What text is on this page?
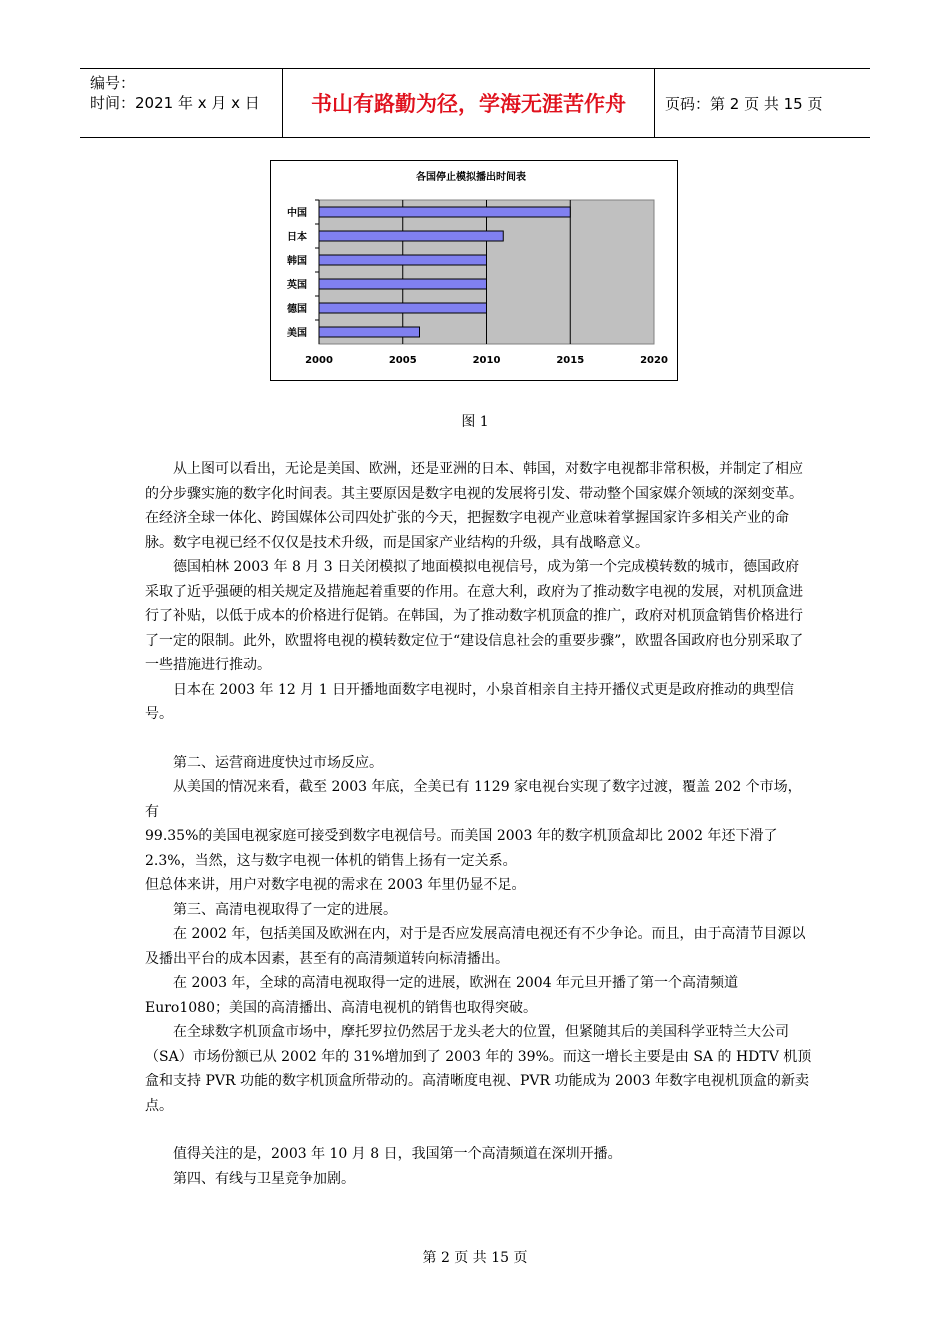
编号：
时间：2021 年 x 月 x 日	书山有路勤为径，学海无涯苦作舟	页码：第 2 页 共 15 页
各国停止模拟播出时间表
2000	2005	2010	2015	2020
中国
日本
韩国
英国
德国
美国
图 1

从上图可以看出，无论是美国、欧洲，还是亚洲的日本、韩国，对数字电视都非常积极，并制定了相应的分步骤实施的数字化时间表。其主要原因是数字电视的发展将引发、带动整个国家媒介领域的深刻变革。在经济全球一体化、跨国媒体公司四处扩张的今天，把握数字电视产业意味着掌握国家许多相关产业的命脉。数字电视已经不仅仅是技术升级，而是国家产业结构的升级，具有战略意义。

德国柏林 2003 年 8 月 3 日关闭模拟了地面模拟电视信号，成为第一个完成模转数的城市，德国政府采取了近乎强硬的相关规定及措施起着重要的作用。在意大利，政府为了推动数字电视的发展，对机顶盒进行了补贴，以低于成本的价格进行促销。在韩国，为了推动数字机顶盒的推广，政府对机顶盒销售价格进行了一定的限制。此外，欧盟将电视的模转数定位于“建设信息社会的重要步骤”，欧盟各国政府也分别采取了一些措施进行推动。

日本在 2003 年 12 月 1 日开播地面数字电视时，小泉首相亲自主持开播仪式更是政府推动的典型信号。

第二、运营商进度快过市场反应。

从美国的情况来看，截至 2003 年底，全美已有 1129 家电视台实现了数字过渡，覆盖 202 个市场，有

99.35%的美国电视家庭可接受到数字电视信号。而美国 2003 年的数字机顶盒却比 2002 年还下滑了

2.3%，当然，这与数字电视一体机的销售上扬有一定关系。

但总体来讲，用户对数字电视的需求在 2003 年里仍显不足。

第三、高清电视取得了一定的进展。

在 2002 年，包括美国及欧洲在内，对于是否应发展高清电视还有不少争论。而且，由于高清节目源以及播出平台的成本因素，甚至有的高清频道转向标清播出。

在 2003 年，全球的高清电视取得一定的进展，欧洲在 2004 年元旦开播了第一个高清频道 Euro1080；美国的高清播出、高清电视机的销售也取得突破。

在全球数字机顶盒市场中，摩托罗拉仍然居于龙头老大的位置，但紧随其后的美国科学亚特兰大公司（SA）市场份额已从 2002 年的 31%增加到了 2003 年的 39%。而这一增长主要是由 SA 的 HDTV 机顶盒和支持 PVR 功能的数字机顶盒所带动的。高清晰度电视、PVR 功能成为 2003 年数字电视机顶盒的新卖点。

值得关注的是，2003 年 10 月 8 日，我国第一个高清频道在深圳开播。

第四、有线与卫星竞争加剧。

第 2 页 共 15 页
